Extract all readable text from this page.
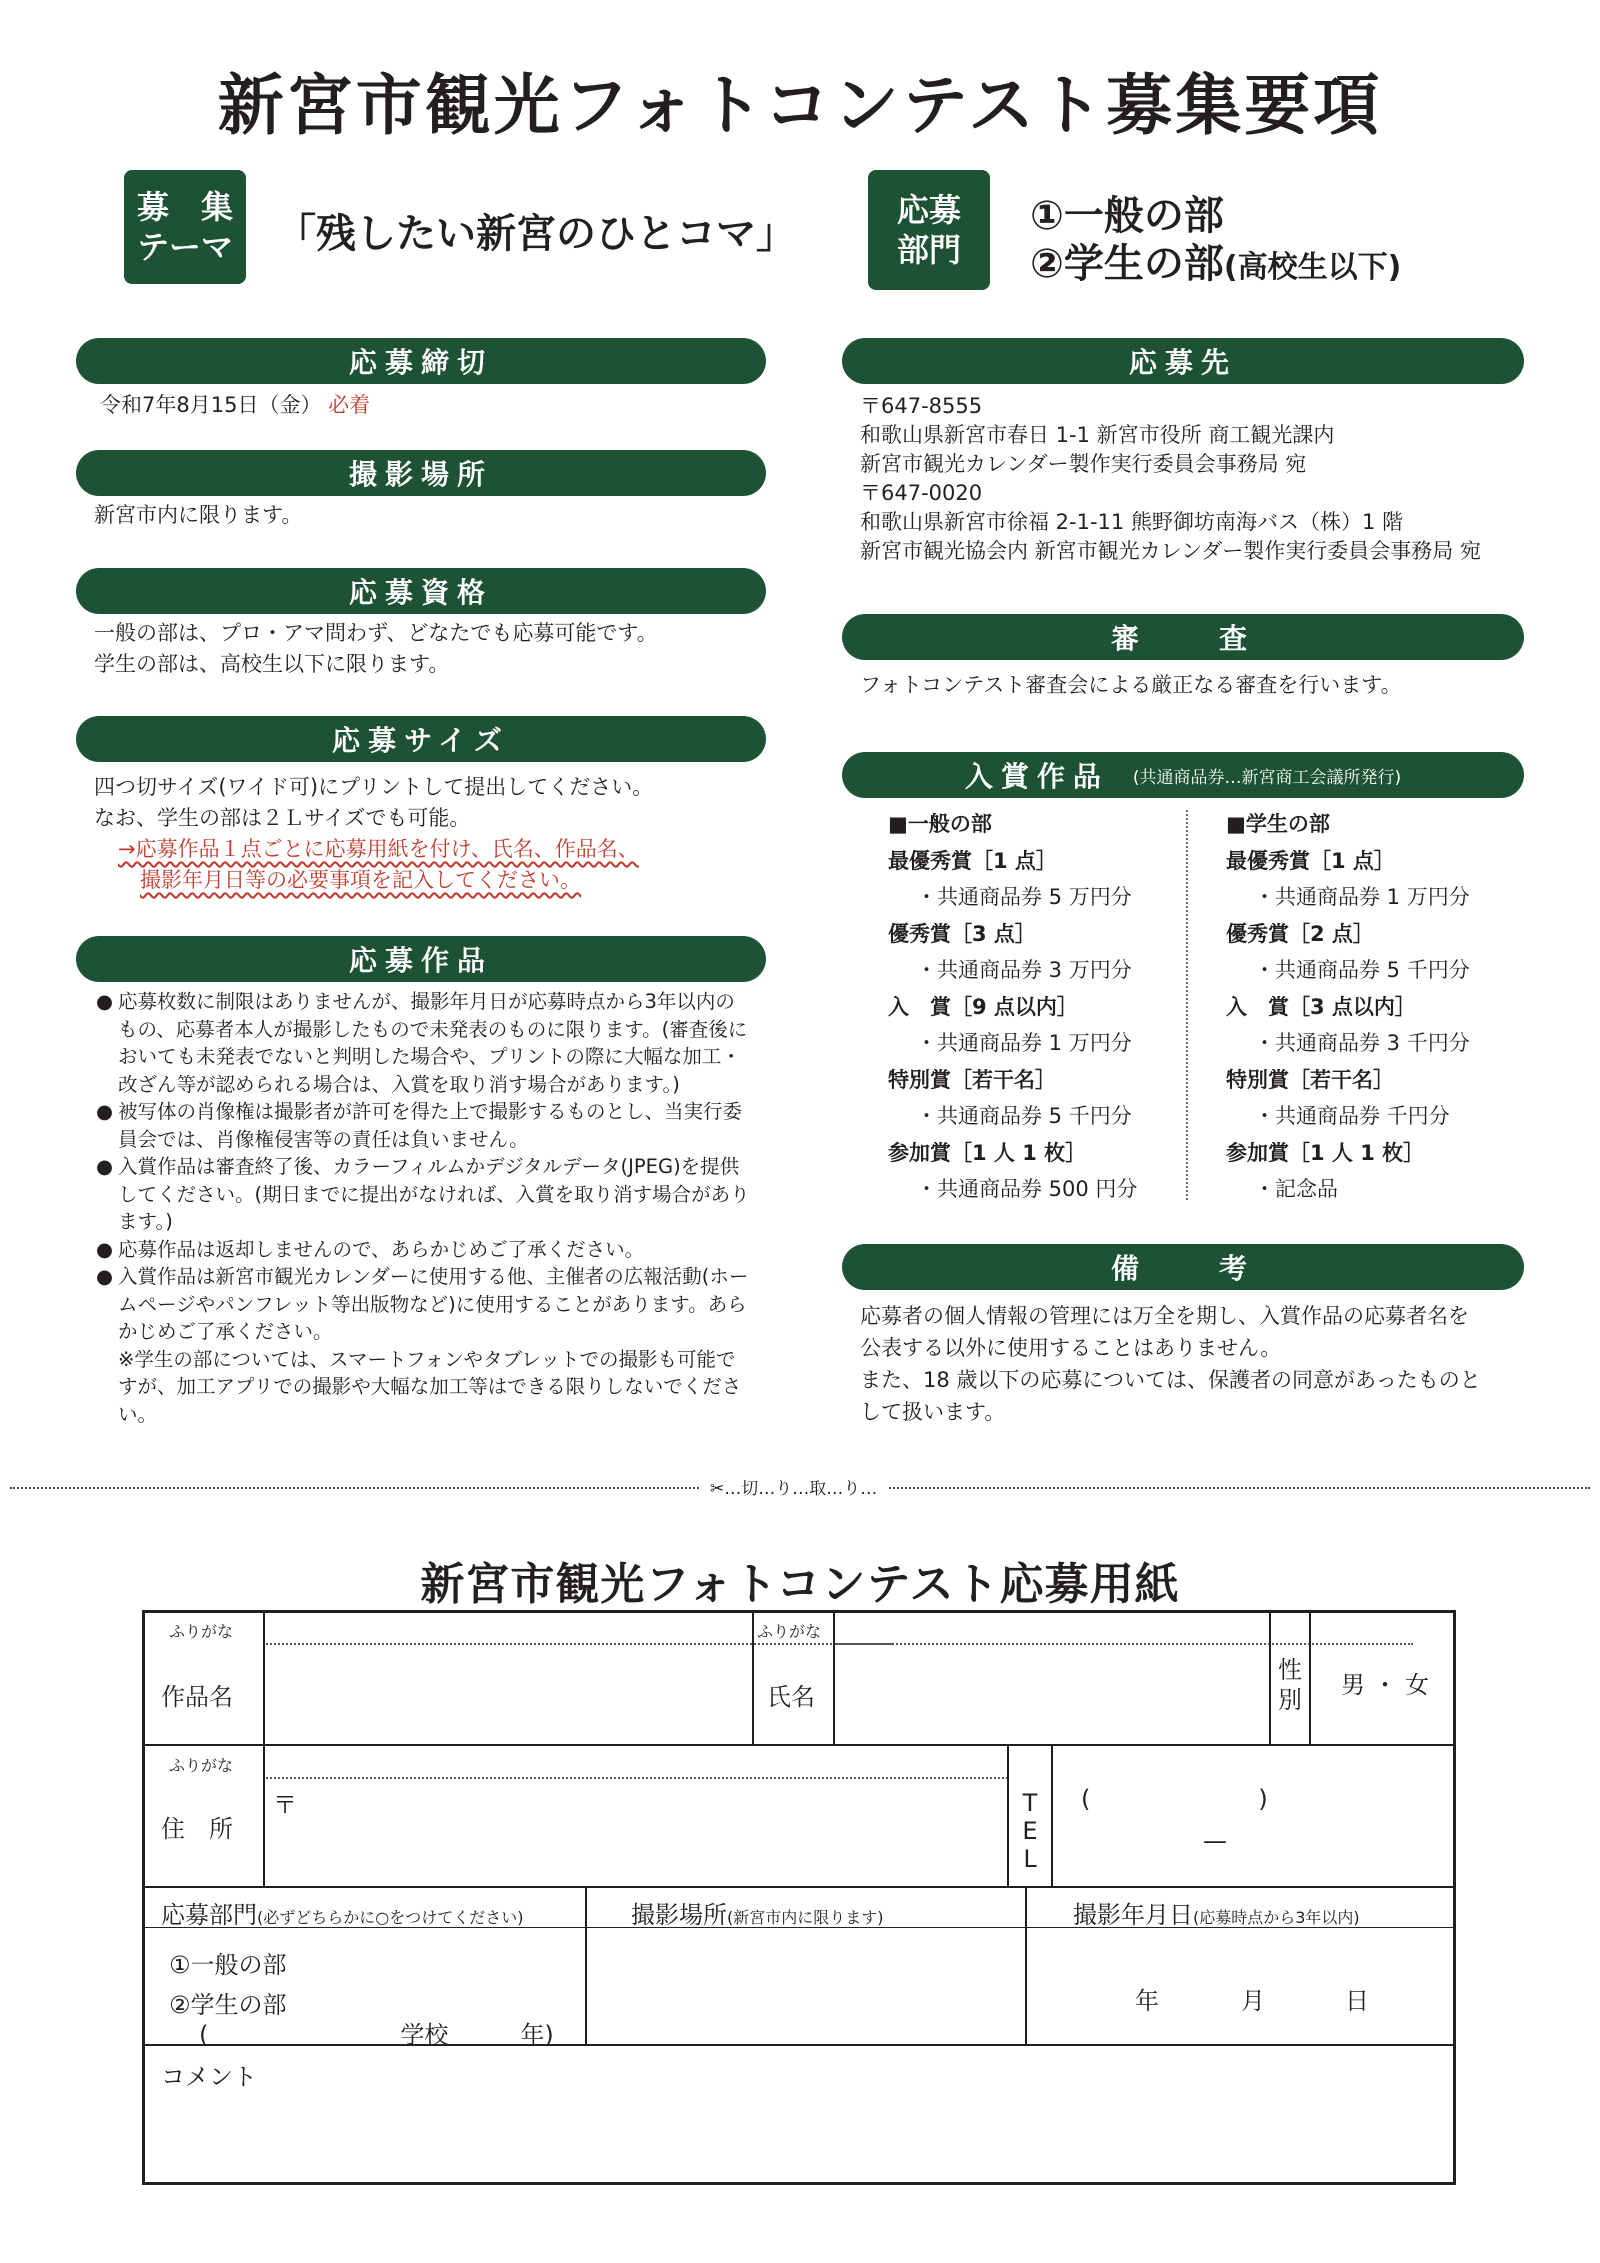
新宮市観光フォトコンテスト募集要項
募　集
テーマ 「残したい新宮のひとコマ」
応募
部門
①一般の部
②学生の部(高校生以下)
応募締切
令和7年8月15日（金） 必着
撮影場所
新宮市内に限ります。
応募資格
一般の部は、プロ・アマ問わず、どなたでも応募可能です。
学生の部は、高校生以下に限ります。
応募サイズ
四つ切サイズ(ワイド可)にプリントして提出してください。
なお、学生の部は２Ｌサイズでも可能。
→応募作品１点ごとに応募用紙を付け、氏名、作品名、
撮影年月日等の必要事項を記入してください。
応募作品
● 応募枚数に制限はありませんが、撮影年月日が応募時点から3年以内のもの、応募者本人が撮影したもので未発表のものに限ります。(審査後においても未発表でないと判明した場合や、プリントの際に大幅な加工・改ざん等が認められる場合は、入賞を取り消す場合があります。)
● 被写体の肖像権は撮影者が許可を得た上で撮影するものとし、当実行委員会では、肖像権侵害等の責任は負いません。
● 入賞作品は審査終了後、カラーフィルムかデジタルデータ(JPEG)を提供してください。(期日までに提出がなければ、入賞を取り消す場合があります。)
● 応募作品は返却しませんので、あらかじめご了承ください。
● 入賞作品は新宮市観光カレンダーに使用する他、主催者の広報活動(ホームページやパンフレット等出版物など)に使用することがあります。あらかじめご了承ください。
※学生の部については、スマートフォンやタブレットでの撮影も可能ですが、加工アプリでの撮影や大幅な加工等はできる限りしないでください。
応募先
〒647-8555
和歌山県新宮市春日 1-1 新宮市役所 商工観光課内
新宮市観光カレンダー製作実行委員会事務局 宛
〒647-0020
和歌山県新宮市徐福 2-1-11 熊野御坊南海バス（株）1 階
新宮市観光協会内 新宮市観光カレンダー製作実行委員会事務局 宛
審　　査
フォトコンテスト審査会による厳正なる審査を行います。
入賞作品 (共通商品券…新宮商工会議所発行)
■一般の部
最優秀賞［1 点］
・共通商品券 5 万円分
優秀賞［3 点］
・共通商品券 3 万円分
入　賞［9 点以内］
・共通商品券 1 万円分
特別賞［若干名］
・共通商品券 5 千円分
参加賞［1 人 1 枚］
・共通商品券 500 円分
■学生の部
最優秀賞［1 点］
・共通商品券 1 万円分
優秀賞［2 点］
・共通商品券 5 千円分
入　賞［3 点以内］
・共通商品券 3 千円分
特別賞［若干名］
・共通商品券 千円分
参加賞［1 人 1 枚］
・記念品
備　　考
応募者の個人情報の管理には万全を期し、入賞作品の応募者名を
公表する以外に使用することはありません。
また、18 歳以下の応募については、保護者の同意があったものと
して扱います。
✂…切…り…取…り…
新宮市観光フォトコンテスト応募用紙
ふりがな
作品名
ふりがな
氏名
性別
男・女
ふりがな
住　所
〒	TEL
(　　　　　　　)
—
応募部門(必ずどちらかに○をつけてください)	撮影場所(新宮市内に限ります)	撮影年月日(応募時点から3年以内)
①一般の部
②学生の部
(　　　　　　　　学校　　　年)
年	月	日
コメント
